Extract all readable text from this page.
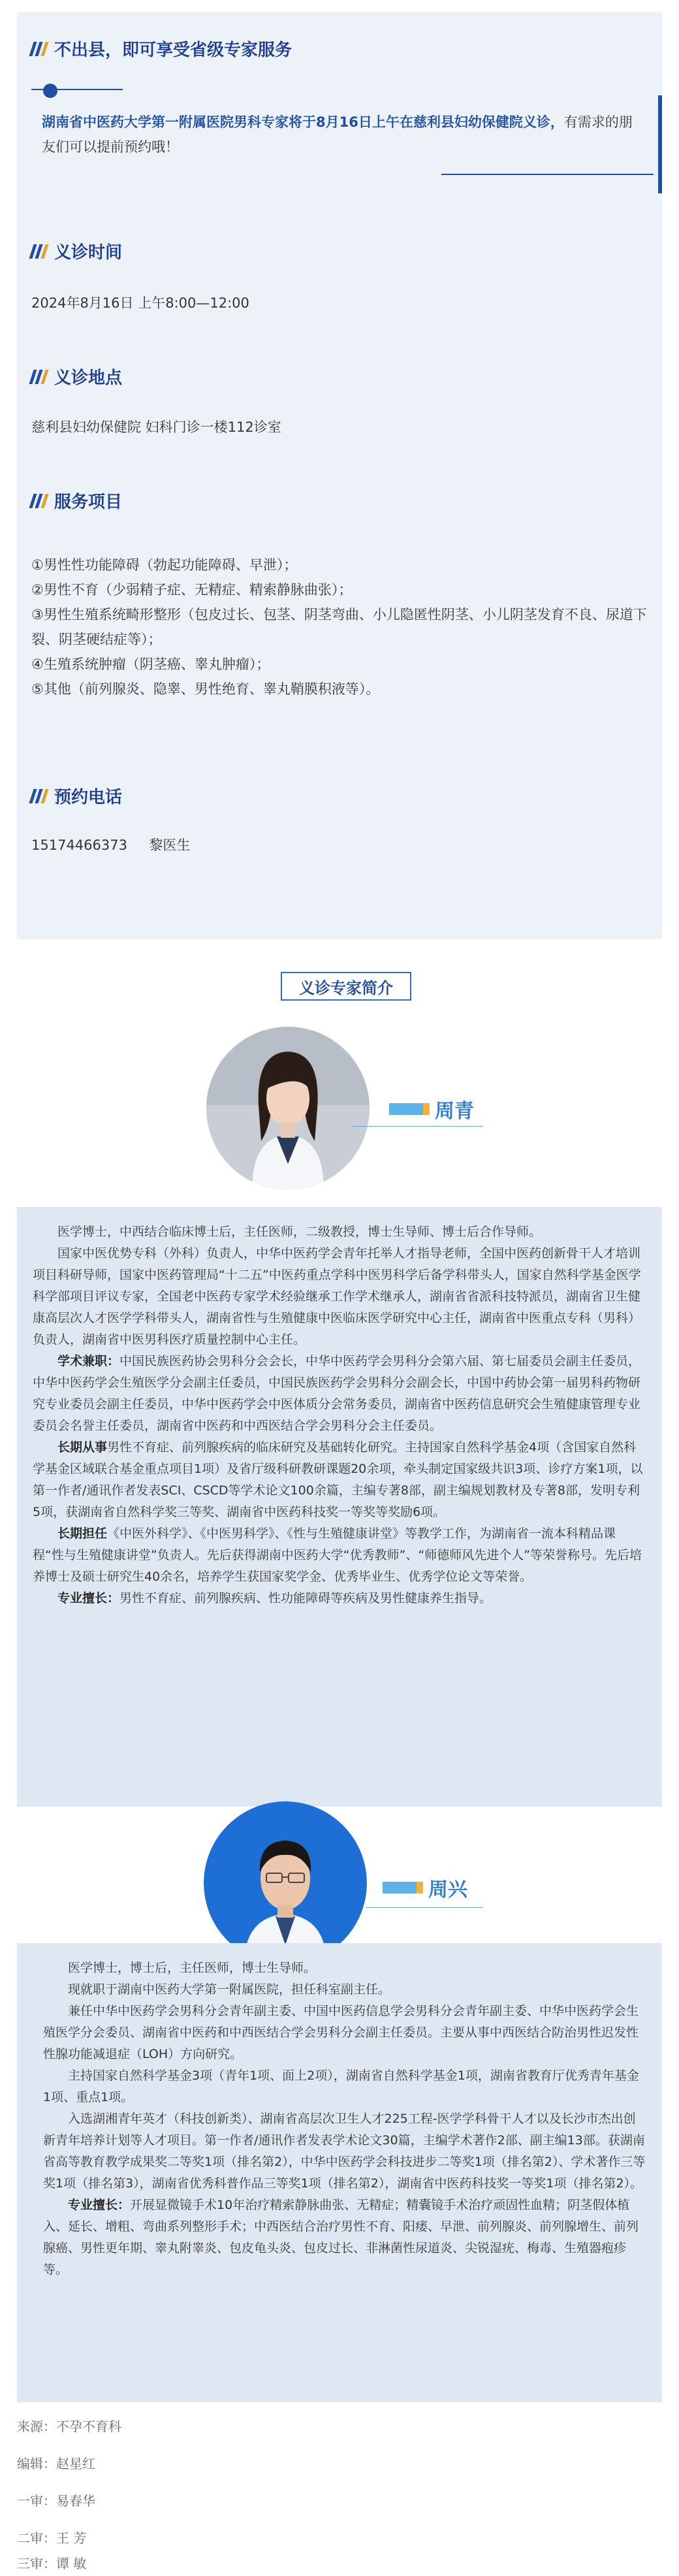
不出县，即可享受省级专家服务
湖南省中医药大学第一附属医院男科专家将于8月16日上午在慈利县妇幼保健院义诊，有需求的朋友们可以提前预约哦！
义诊时间
2024年8月16日 上午8:00—12:00
义诊地点
慈利县妇幼保健院 妇科门诊一楼112诊室
服务项目
①男性性功能障碍（勃起功能障碍、早泄）；
②男性不育（少弱精子症、无精症、精索静脉曲张）；
③男性生殖系统畸形整形（包皮过长、包茎、阴茎弯曲、小儿隐匿性阴茎、小儿阴茎发育不良、尿道下裂、阴茎硬结症等）；
④生殖系统肿瘤（阴茎癌、睾丸肿瘤）；
⑤其他（前列腺炎、隐睾、男性绝育、睾丸鞘膜积液等）。
预约电话
15174466373 黎医生
义诊专家简介
周青

医学博士，中西结合临床博士后，主任医师，二级教授，博士生导师、博士后合作导师。

国家中医优势专科（外科）负责人，中华中医药学会青年托举人才指导老师，全国中医药创新骨干人才培训项目科研导师，国家中医药管理局“十二五”中医药重点学科中医男科学后备学科带头人，国家自然科学基金医学科学部项目评议专家，全国老中医药专家学术经验继承工作学术继承人，湖南省省派科技特派员，湖南省卫生健康高层次人才医学学科带头人，湖南省性与生殖健康中医临床医学研究中心主任，湖南省中医重点专科（男科）负责人，湖南省中医男科医疗质量控制中心主任。

学术兼职：中国民族医药协会男科分会会长，中华中医药学会男科分会第六届、第七届委员会副主任委员，中华中医药学会生殖医学分会副主任委员，中国民族医药学会男科分会副会长，中国中药协会第一届男科药物研究专业委员会副主任委员，中华中医药学会中医体质分会常务委员，湖南省中医药信息研究会生殖健康管理专业委员会名誉主任委员，湖南省中医药和中西医结合学会男科分会主任委员。

长期从事男性不育症、前列腺疾病的临床研究及基础转化研究。主持国家自然科学基金4项（含国家自然科学基金区域联合基金重点项目1项）及省厅级科研教研课题20余项，牵头制定国家级共识3项、诊疗方案1项，以第一作者/通讯作者发表SCI、CSCD等学术论文100余篇，主编专著8部，副主编规划教材及专著8部，发明专利5项，获湖南省自然科学奖三等奖、湖南省中医药科技奖一等奖等奖励6项。

长期担任《中医外科学》、《中医男科学》、《性与生殖健康讲堂》等教学工作，为湖南省一流本科精品课程“性与生殖健康讲堂”负责人。先后获得湖南中医药大学“优秀教师”、“师德师风先进个人”等荣誉称号。先后培养博士及硕士研究生40余名，培养学生获国家奖学金、优秀毕业生、优秀学位论文等荣誉。

专业擅长：男性不育症、前列腺疾病、性功能障碍等疾病及男性健康养生指导。

周兴

医学博士，博士后，主任医师，博士生导师。

现就职于湖南中医药大学第一附属医院，担任科室副主任。

兼任中华中医药学会男科分会青年副主委、中国中医药信息学会男科分会青年副主委、中华中医药学会生殖医学分会委员、湖南省中医药和中西医结合学会男科分会副主任委员。主要从事中西医结合防治男性迟发性性腺功能减退症（LOH）方向研究。

主持国家自然科学基金3项（青年1项、面上2项），湖南省自然科学基金1项，湖南省教育厅优秀青年基金1项、重点1项。

入选湖湘青年英才（科技创新类）、湖南省高层次卫生人才225工程-医学学科骨干人才以及长沙市杰出创新青年培养计划等人才项目。第一作者/通讯作者发表学术论文30篇，主编学术著作2部、副主编13部。获湖南省高等教育教学成果奖二等奖1项（排名第2），中华中医药学会科技进步二等奖1项（排名第2）、学术著作三等奖1项（排名第3），湖南省优秀科普作品三等奖1项（排名第2），湖南省中医药科技奖一等奖1项（排名第2）。

专业擅长：开展显微镜手术10年治疗精索静脉曲张、无精症；精囊镜手术治疗顽固性血精；阴茎假体植入、延长、增粗、弯曲系列整形手术；中西医结合治疗男性不育、阳痿、早泄、前列腺炎、前列腺增生、前列腺癌、男性更年期、睾丸附睾炎、包皮龟头炎、包皮过长、非淋菌性尿道炎、尖锐湿疣、梅毒、生殖器疱疹等。

来源：不孕不育科
编辑：赵星红
一审：易春华
二审：王 芳
三审：谭 敏
